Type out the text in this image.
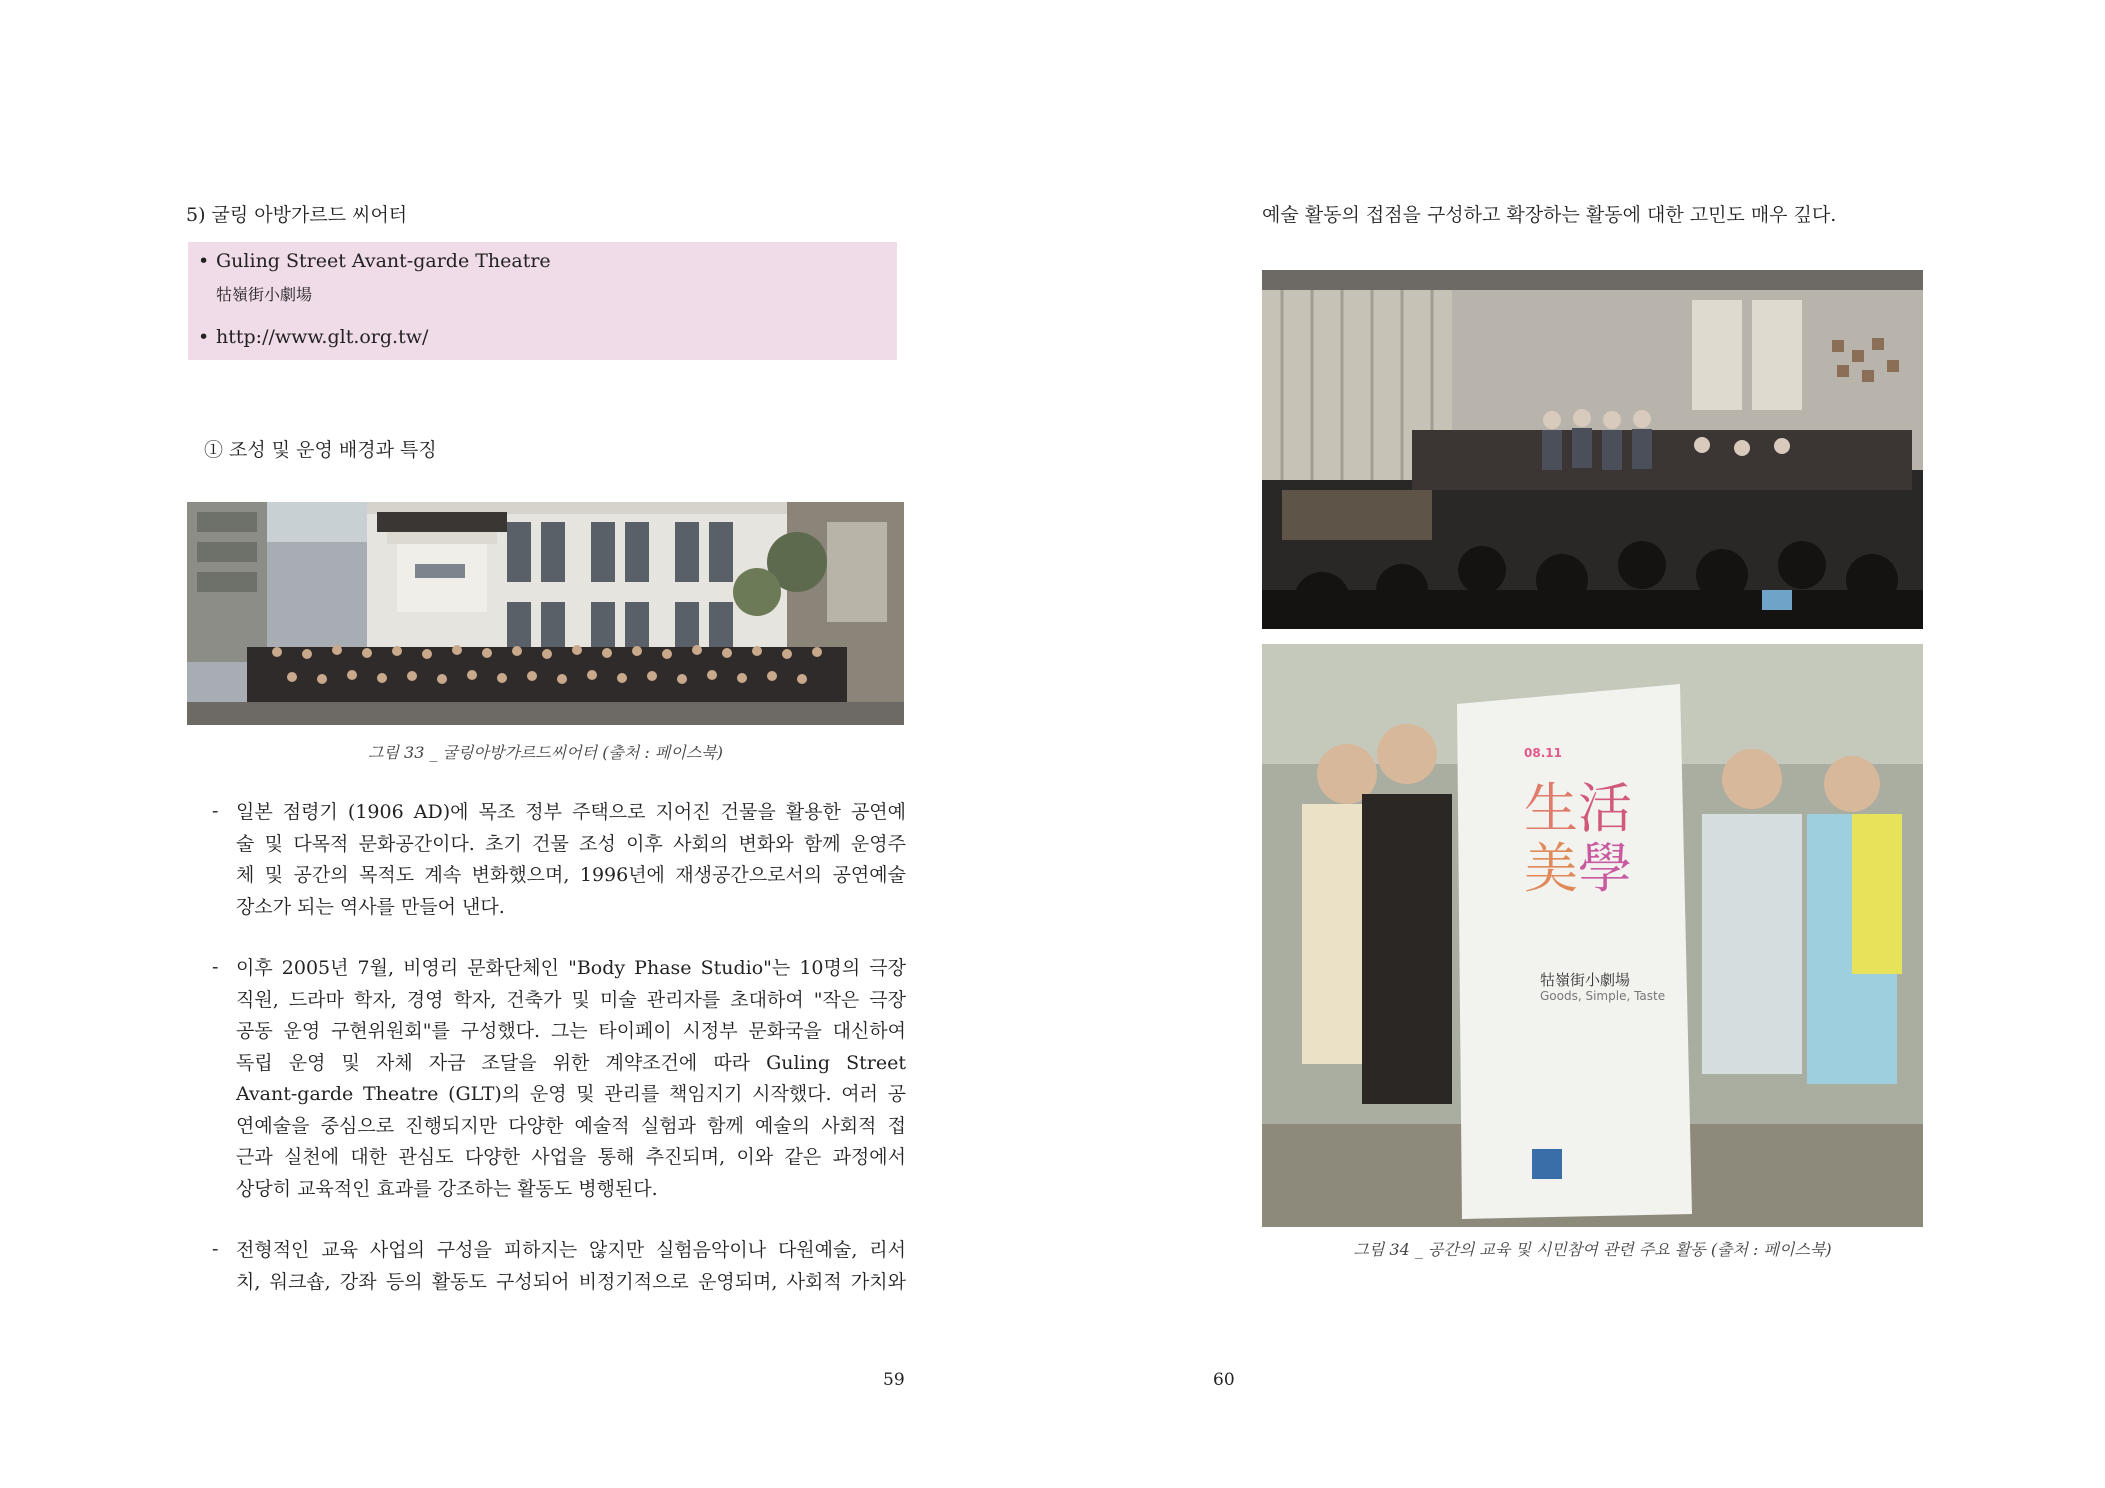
5) 굴링 아방가르드 씨어터
• Guling Street Avant-garde Theatre
牯嶺街小劇場
• http://www.glt.org.tw/
① 조성 및 운영 배경과 특징
그림 33 _ 굴링아방가르드씨어터 (출처 : 페이스북)
- 일본 점령기 (1906 AD)에 목조 정부 주택으로 지어진 건물을 활용한 공연예
술 및 다목적 문화공간이다. 초기 건물 조성 이후 사회의 변화와 함께 운영주
체 및 공간의 목적도 계속 변화했으며, 1996년에 재생공간으로서의 공연예술
장소가 되는 역사를 만들어 낸다.
- 이후 2005년 7월, 비영리 문화단체인 "Body Phase Studio"는 10명의 극장
직원, 드라마 학자, 경영 학자, 건축가 및 미술 관리자를 초대하여 "작은 극장
공동 운영 구현위원회"를 구성했다. 그는 타이페이 시정부 문화국을 대신하여
독립 운영 및 자체 자금 조달을 위한 계약조건에 따라 Guling Street
Avant-garde Theatre (GLT)의 운영 및 관리를 책임지기 시작했다. 여러 공
연예술을 중심으로 진행되지만 다양한 예술적 실험과 함께 예술의 사회적 접
근과 실천에 대한 관심도 다양한 사업을 통해 추진되며, 이와 같은 과정에서
상당히 교육적인 효과를 강조하는 활동도 병행된다.
- 전형적인 교육 사업의 구성을 피하지는 않지만 실험음악이나 다원예술, 리서
치, 워크숍, 강좌 등의 활동도 구성되어 비정기적으로 운영되며, 사회적 가치와
59
예술 활동의 접점을 구성하고 확장하는 활동에 대한 고민도 매우 깊다.
08.11
生活
美學
牯嶺街小劇場
Goods, Simple, Taste
그림 34 _ 공간의 교육 및 시민참여 관련 주요 활동 (출처 : 페이스북)
60
